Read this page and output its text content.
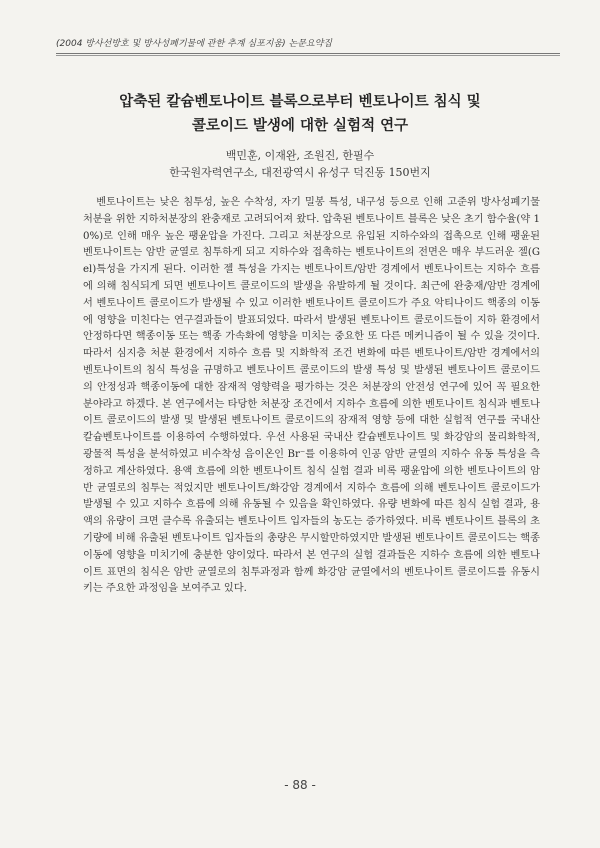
(2004 방사선방호 및 방사성폐기물에 관한 추계 심포지움) 논문요약집
압축된 칼슘벤토나이트 블록으로부터 벤토나이트 침식 및
콜로이드 발생에 대한 실험적 연구
백민훈, 이재완, 조원진, 한필수
한국원자력연구소, 대전광역시 유성구 덕진동 150번지
벤토나이트는 낮은 침투성, 높은 수착성, 자기 밀봉 특성, 내구성 등으로 인해 고준위 방사성폐기물 처분을 위한 지하처분장의 완충재로 고려되어져 왔다. 압축된 벤토나이트 블록은 낮은 초기 함수율(약 10%)로 인해 매우 높은 팽윤압을 가진다. 그리고 처분장으로 유입된 지하수와의 접촉으로 인해 팽윤된 벤토나이트는 암반 균열로 침투하게 되고 지하수와 접촉하는 벤토나이트의 전면은 매우 부드러운 젤(Gel)특성을 가지게 된다. 이러한 젤 특성을 가지는 벤토나이트/암반 경계에서 벤토나이트는 지하수 흐름에 의해 침식되게 되면 벤토나이트 콜로이드의 발생을 유발하게 될 것이다. 최근에 완충재/암반 경계에서 벤토나이트 콜로이드가 발생될 수 있고 이러한 벤토나이트 콜로이드가 주요 악티나이드 핵종의 이동에 영향을 미친다는 연구결과들이 발표되었다. 따라서 발생된 벤토나이트 콜로이드들이 지하 환경에서 안정하다면 핵종이동 또는 핵종 가속화에 영향을 미치는 중요한 또 다른 메커니즘이 될 수 있을 것이다. 따라서 심지층 처분 환경에서 지하수 흐름 및 지화학적 조건 변화에 따른 벤토나이트/암반 경계에서의 벤토나이트의 침식 특성을 규명하고 벤토나이트 콜로이드의 발생 특성 및 발생된 벤토나이트 콜로이드의 안정성과 핵종이동에 대한 잠재적 영향력을 평가하는 것은 처분장의 안전성 연구에 있어 꼭 필요한 분야라고 하겠다. 본 연구에서는 타당한 처분장 조건에서 지하수 흐름에 의한 벤토나이트 침식과 벤토나이트 콜로이드의 발생 및 발생된 벤토나이트 콜로이드의 잠재적 영향 등에 대한 실험적 연구를 국내산 칼슘벤토나이트를 이용하여 수행하였다. 우선 사용된 국내산 칼슘벤토나이트 및 화강암의 물리화학적, 광물적 특성을 분석하였고 비수착성 음이온인 Br⁻를 이용하여 인공 암반 균열의 지하수 유동 특성을 측정하고 계산하였다. 용액 흐름에 의한 벤토나이트 침식 실험 결과 비록 팽윤압에 의한 벤토나이트의 암반 균열로의 침투는 적었지만 벤토나이트/화강암 경계에서 지하수 흐름에 의해 벤토나이트 콜로이드가 발생될 수 있고 지하수 흐름에 의해 유동될 수 있음을 확인하였다. 유량 변화에 따른 침식 실험 결과, 용액의 유량이 크면 클수록 유출되는 벤토나이트 입자들의 농도는 증가하였다. 비록 벤토나이트 블록의 초기량에 비해 유출된 벤토나이트 입자들의 총량은 무시할만하였지만 발생된 벤토나이트 콜로이드는 핵종이동에 영향을 미치기에 충분한 양이었다. 따라서 본 연구의 실험 결과들은 지하수 흐름에 의한 벤토나이트 표면의 침식은 암반 균열로의 침투과정과 함께 화강암 균열에서의 벤토나이트 콜로이드를 유동시키는 주요한 과정임을 보여주고 있다.
- 88 -
